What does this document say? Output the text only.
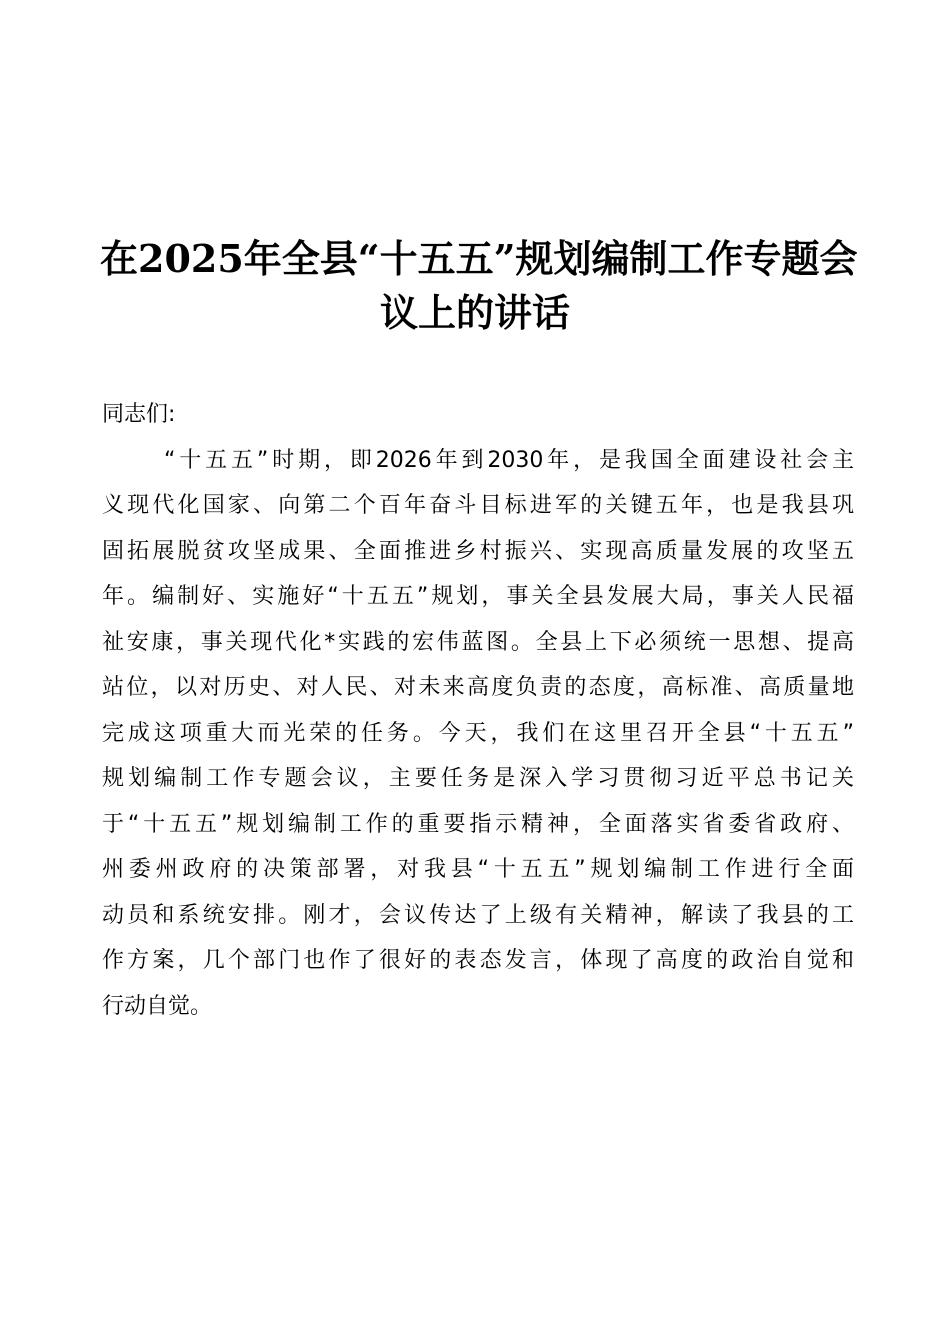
在2025年全县“十五五”规划编制工作专题会
议上的讲话
同志们:
“十五五”时期，即2026年到2030年，是我国全面建设社会主
义现代化国家、向第二个百年奋斗目标进军的关键五年，也是我县巩
固拓展脱贫攻坚成果、全面推进乡村振兴、实现高质量发展的攻坚五
年。编制好、实施好“十五五”规划，事关全县发展大局，事关人民福
祉安康，事关现代化*实践的宏伟蓝图。全县上下必须统一思想、提高
站位，以对历史、对人民、对未来高度负责的态度，高标准、高质量地
完成这项重大而光荣的任务。今天，我们在这里召开全县“十五五”
规划编制工作专题会议，主要任务是深入学习贯彻习近平总书记关
于“十五五”规划编制工作的重要指示精神，全面落实省委省政府、
州委州政府的决策部署，对我县“十五五”规划编制工作进行全面
动员和系统安排。刚才，会议传达了上级有关精神，解读了我县的工
作方案，几个部门也作了很好的表态发言，体现了高度的政治自觉和
行动自觉。
